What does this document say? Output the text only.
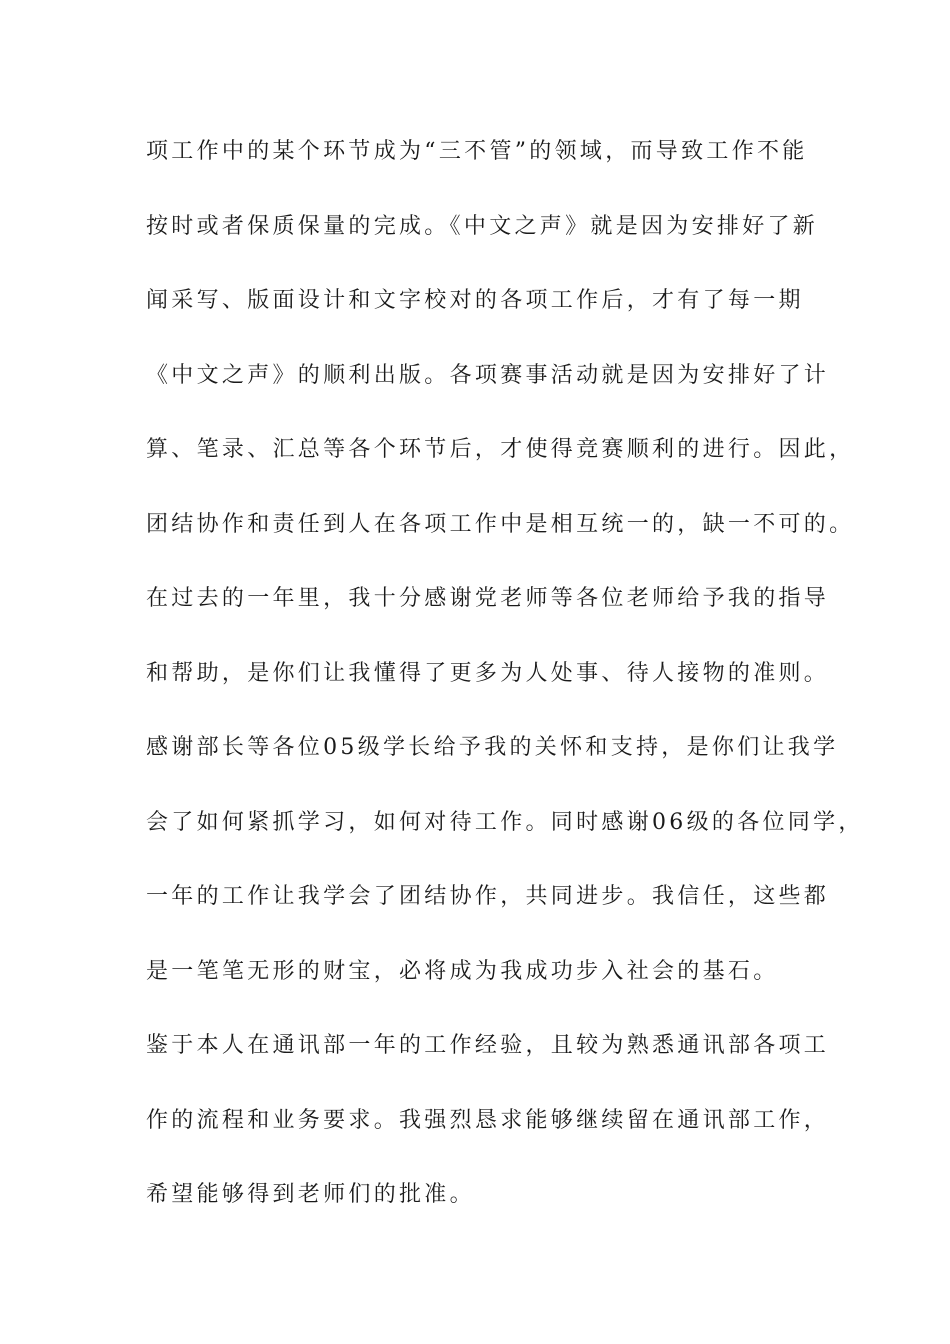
项工作中的某个环节成为“三不管”的领域，而导致工作不能
按时或者保质保量的完成。《中文之声》就是因为安排好了新
闻采写、版面设计和文字校对的各项工作后，才有了每一期
《中文之声》的顺利出版。各项赛事活动就是因为安排好了计
算、笔录、汇总等各个环节后，才使得竞赛顺利的进行。因此，
团结协作和责任到人在各项工作中是相互统一的，缺一不可的。
在过去的一年里，我十分感谢党老师等各位老师给予我的指导
和帮助，是你们让我懂得了更多为人处事、待人接物的准则。
感谢部长等各位05级学长给予我的关怀和支持，是你们让我学
会了如何紧抓学习，如何对待工作。同时感谢06级的各位同学，
一年的工作让我学会了团结协作，共同进步。我信任，这些都
是一笔笔无形的财宝，必将成为我成功步入社会的基石。
鉴于本人在通讯部一年的工作经验，且较为熟悉通讯部各项工
作的流程和业务要求。我强烈恳求能够继续留在通讯部工作，
希望能够得到老师们的批准。
